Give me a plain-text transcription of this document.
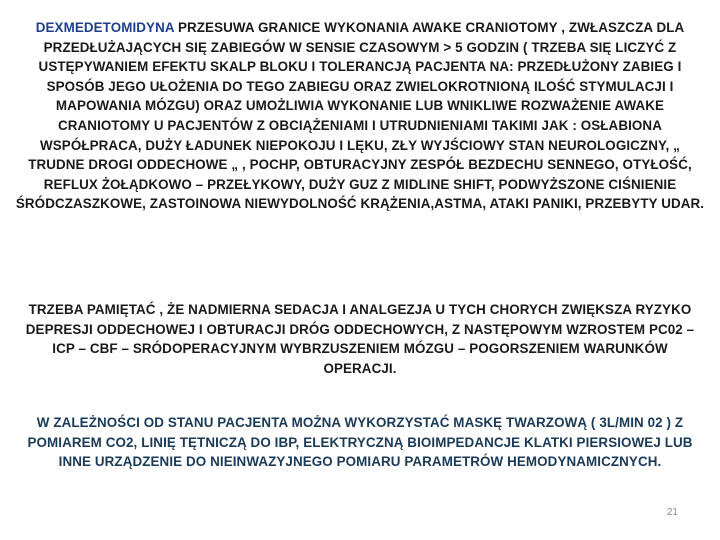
DEXMEDETOMIDYNA PRZESUWA GRANICE WYKONANIA AWAKE CRANIOTOMY , ZWŁASZCZA DLA PRZEDŁUŻAJĄCYCH SIĘ ZABIEGÓW W SENSIE CZASOWYM > 5 GODZIN ( TRZEBA SIĘ LICZYĆ Z USTĘPYWANIEM EFEKTU SKALP BLOKU I TOLERANCJĄ PACJENTA NA: PRZEDŁUŻONY ZABIEG I SPOSÓB JEGO UŁOŻENIA DO TEGO ZABIEGU ORAZ ZWIELOKROTNIONĄ ILOŚĆ STYMULACJI I MAPOWANIA MÓZGU) ORAZ UMOŻLIWIA WYKONANIE LUB WNIKLIWE ROZWAŻENIE AWAKE CRANIOTOMY U PACJENTÓW Z OBCIĄŻENIAMI I UTRUDNIENIAMI TAKIMI JAK : OSŁABIONA WSPÓŁPRACA, DUŻY ŁADUNEK NIEPOKOJU I LĘKU, ZŁY WYJŚCIOWY STAN NEUROLOGICZNY, „ TRUDNE DROGI ODDECHOWE „ , POCHP, OBTURACYJNY ZESPÓŁ BEZDECHU SENNEGO, OTYŁOŚĆ, REFLUX ŻOŁĄDKOWO – PRZEŁYKOWY, DUŻY GUZ Z MIDLINE SHIFT, PODWYŻSZONE CIŚNIENIE ŚRÓDCZASZKOWE, ZASTOINOWA NIEWYDOLNOŚĆ KRĄŻENIA,ASTMA, ATAKI PANIKI, PRZEBYTY UDAR.

TRZEBA PAMIĘTAĆ , ŻE NADMIERNA SEDACJA I ANALGEZJA U TYCH CHORYCH ZWIĘKSZA RYZYKO DEPRESJI ODDECHOWEJ I OBTURACJI DRÓG ODDECHOWYCH, Z NASTĘPOWYM WZROSTEM PC02 – ICP – CBF – SRÓDOPERACYJNYM WYBRZUSZENIEM MÓZGU – POGORSZENIEM WARUNKÓW OPERACJI.

W ZALEŻNOŚCI OD STANU PACJENTA MOŻNA WYKORZYSTAĆ MASKĘ TWARZOWĄ ( 3L/MIN 02 ) Z POMIAREM CO2, LINIĘ TĘTNICZĄ DO IBP, ELEKTRYCZNĄ BIOIMPEDANCJE KLATKI PIERSIOWEJ LUB INNE URZĄDZENIE DO NIEINWAZYJNEGO POMIARU PARAMETRÓW HEMODYNAMICZNYCH.

21
